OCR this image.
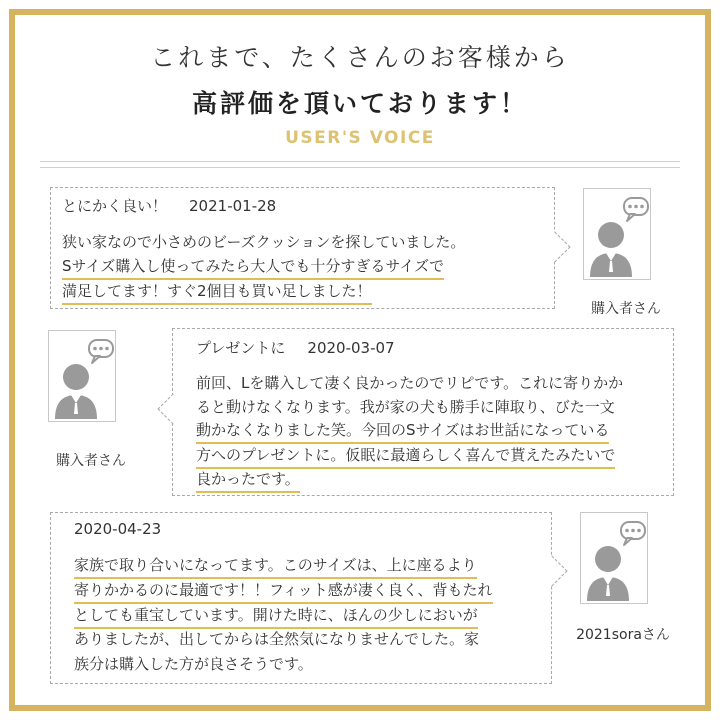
これまで、たくさんのお客様から
高評価を頂いております！
USER'S VOICE
とにかく良い！ 2021-01-28
狭い家なので小さめのビーズクッションを探していました。
Sサイズ購入し使ってみたら大人でも十分すぎるサイズで
満足してます！すぐ2個目も買い足しました！
購入者さん
プレゼントに 2020-03-07
前回、Lを購入して凄く良かったのでリピです。これに寄りかか
ると動けなくなります。我が家の犬も勝手に陣取り、びた一文
動かなくなりました笑。今回のSサイズはお世話になっている
方へのプレゼントに。仮眠に最適らしく喜んで貰えたみたいで
良かったです。
購入者さん
2020-04-23
家族で取り合いになってます。このサイズは、上に座るより
寄りかかるのに最適です！！フィット感が凄く良く、背もたれ
としても重宝しています。開けた時に、ほんの少しにおいが
ありましたが、出してからは全然気になりませんでした。家
族分は購入した方が良さそうです。
2021soraさん
